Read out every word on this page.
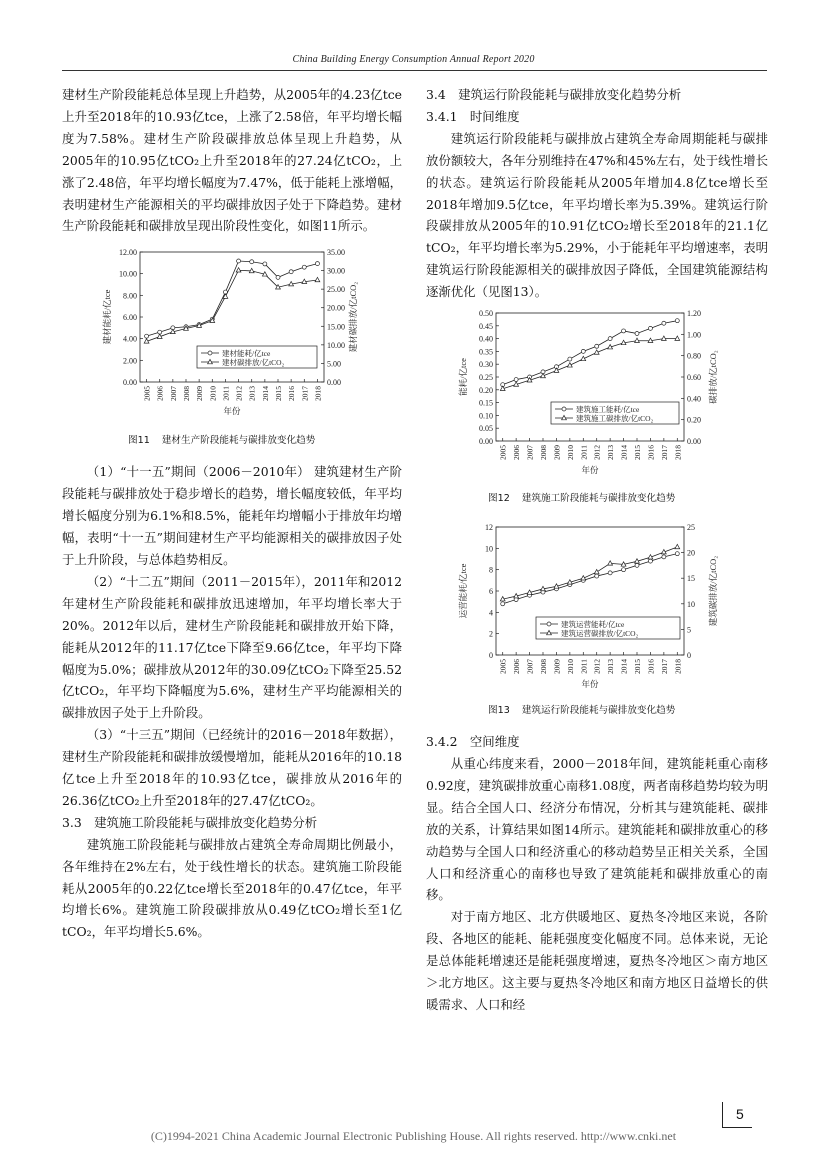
China Building Energy Consumption Annual Report 2020

建材生产阶段能耗总体呈现上升趋势，从2005年的4.23亿tce上升至2018年的10.93亿tce，上涨了2.58倍，年平均增长幅度为7.58%。建材生产阶段碳排放总体呈现上升趋势，从2005年的10.95亿tCO₂上升至2018年的27.24亿tCO₂，上涨了2.48倍，年平均增长幅度为7.47%，低于能耗上涨增幅，表明建材生产能源相关的平均碳排放因子处于下降趋势。建材生产阶段能耗和碳排放呈现出阶段性变化，如图11所示。

0.00
2.00
4.00
6.00
8.00
10.00
12.00
0.00
5.00
10.00
15.00
20.00
25.00
30.00
35.00
2005 2006 2007 2008 2009 2010 2011 2012 2013 2014 2015 2016 2017 2018
年份
建材能耗/亿tce	建材碳排放/亿tCO₂
建材能耗/亿tce
建材碳排放/亿tCO₂
图11 建材生产阶段能耗与碳排放变化趋势

（1）“十一五”期间（2006－2010年） 建筑建材生产阶段能耗与碳排放处于稳步增长的趋势，增长幅度较低，年平均增长幅度分别为6.1%和8.5%，能耗年均增幅小于排放年均增幅，表明“十一五”期间建材生产平均能源相关的碳排放因子处于上升阶段，与总体趋势相反。

（2）“十二五”期间（2011－2015年），2011年和2012年建材生产阶段能耗和碳排放迅速增加，年平均增长率大于20%。2012年以后，建材生产阶段能耗和碳排放开始下降，能耗从2012年的11.17亿tce下降至9.66亿tce，年平均下降幅度为5.0%；碳排放从2012年的30.09亿tCO₂下降至25.52亿tCO₂，年平均下降幅度为5.6%，建材生产平均能源相关的碳排放因子处于上升阶段。

（3）“十三五”期间（已经统计的2016－2018年数据），建材生产阶段能耗和碳排放缓慢增加，能耗从2016年的10.18亿tce上升至2018年的10.93亿tce，碳排放从2016年的26.36亿tCO₂上升至2018年的27.47亿tCO₂。

3.3　建筑施工阶段能耗与碳排放变化趋势分析

建筑施工阶段能耗与碳排放占建筑全寿命周期比例最小，各年维持在2%左右，处于线性增长的状态。建筑施工阶段能耗从2005年的0.22亿tce增长至2018年的0.47亿tce，年平均增长6%。建筑施工阶段碳排放从0.49亿tCO₂增长至1亿tCO₂，年平均增长5.6%。

3.4　建筑运行阶段能耗与碳排放变化趋势分析

3.4.1　时间维度

建筑运行阶段能耗与碳排放占建筑全寿命周期能耗与碳排放份额较大，各年分别维持在47%和45%左右，处于线性增长的状态。建筑运行阶段能耗从2005年增加4.8亿tce增长至2018年增加9.5亿tce，年平均增长率为5.39%。建筑运行阶段碳排放从2005年的10.91亿tCO₂增长至2018年的21.1亿tCO₂，年平均增长率为5.29%，小于能耗年平均增速率，表明建筑运行阶段能源相关的碳排放因子降低，全国建筑能源结构逐渐优化（见图13）。

0.00
0.05
0.10
0.15
0.20
0.25
0.30
0.35
0.40
0.45
0.50
0.00
0.20
0.40
0.60
0.80
1.00
1.20
2005 2006 2007 2008 2009 2010 2011 2012 2013 2014 2015 2016 2017 2018
年份
能耗/亿tce	碳排放/亿tCO₂
建筑施工能耗/亿tce
建筑施工碳排放/亿tCO₂
图12 建筑施工阶段能耗与碳排放变化趋势
0
2
4
6
8
10
12
0
5
10
15
20
25
2005 2006 2007 2008 2009 2010 2011 2012 2013 2014 2015 2016 2017 2018
年份
运营能耗/亿tce	建筑碳排放/亿tCO₂
建筑运营能耗/亿tce
建筑运营碳排放/亿tCO₂
图13 建筑运行阶段能耗与碳排放变化趋势

3.4.2　空间维度

从重心纬度来看，2000－2018年间，建筑能耗重心南移0.92度，建筑碳排放重心南移1.08度，两者南移趋势均较为明显。结合全国人口、经济分布情况，分析其与建筑能耗、碳排放的关系，计算结果如图14所示。建筑能耗和碳排放重心的移动趋势与全国人口和经济重心的移动趋势呈正相关关系，全国人口和经济重心的南移也导致了建筑能耗和碳排放重心的南移。

对于南方地区、北方供暖地区、夏热冬冷地区来说，各阶段、各地区的能耗、能耗强度变化幅度不同。总体来说，无论是总体能耗增速还是能耗强度增速，夏热冬冷地区＞南方地区＞北方地区。这主要与夏热冬冷地区和南方地区日益增长的供暖需求、人口和经

5
(C)1994-2021 China Academic Journal Electronic Publishing House. All rights reserved. http://www.cnki.net
